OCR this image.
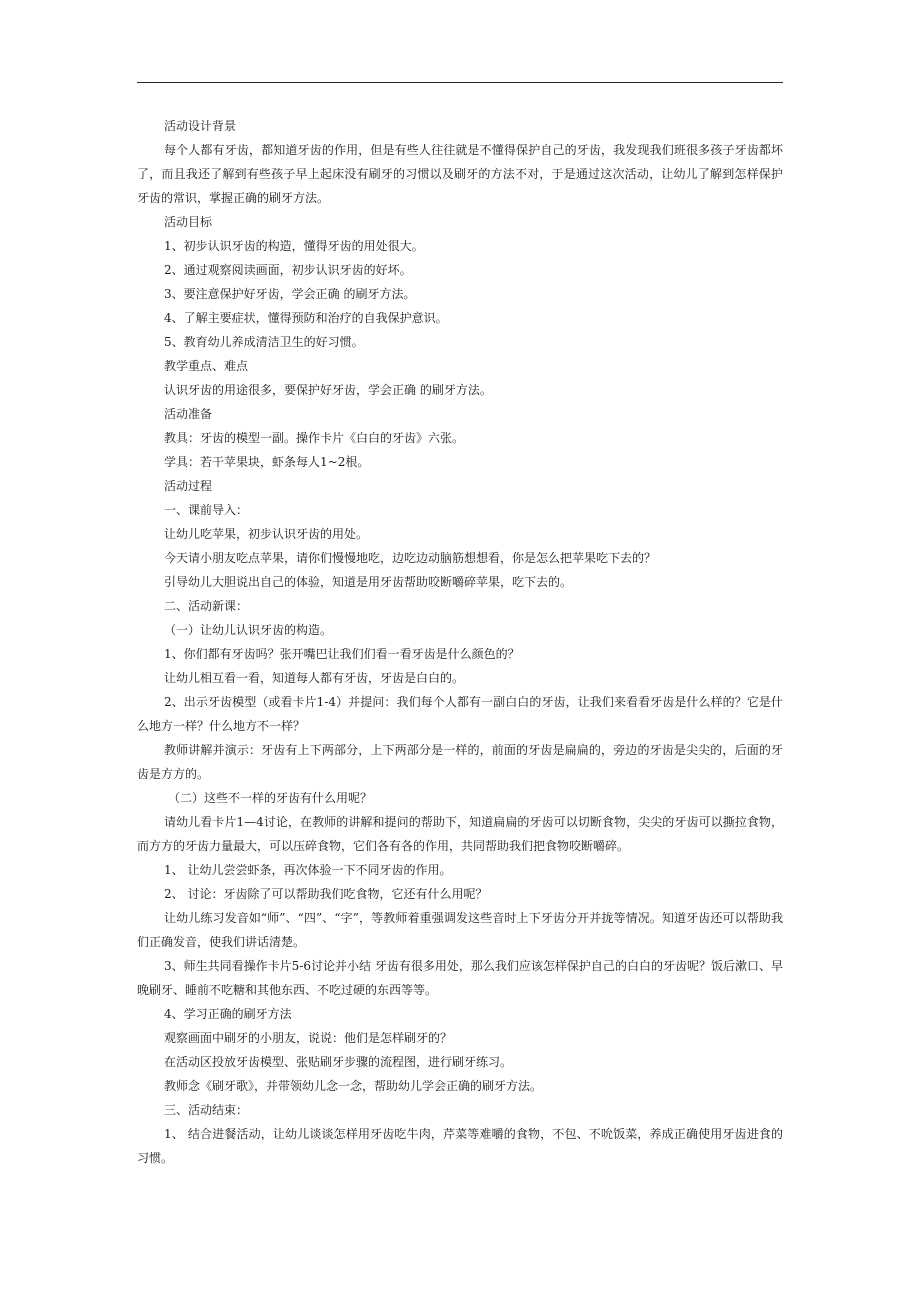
活动设计背景

每个人都有牙齿，都知道牙齿的作用，但是有些人往往就是不懂得保护自己的牙齿，我发现我们班很多孩子牙齿都坏了，而且我还了解到有些孩子早上起床没有刷牙的习惯以及刷牙的方法不对，于是通过这次活动，让幼儿了解到怎样保护牙齿的常识，掌握正确的刷牙方法。

活动目标

1、初步认识牙齿的构造，懂得牙齿的用处很大。

2、通过观察阅读画面，初步认识牙齿的好坏。

3、要注意保护好牙齿，学会正确 的刷牙方法。

4、了解主要症状，懂得预防和治疗的自我保护意识。

5、教育幼儿养成清洁卫生的好习惯。

教学重点、难点

认识牙齿的用途很多，要保护好牙齿，学会正确 的刷牙方法。

活动准备

教具：牙齿的模型一副。操作卡片《白白的牙齿》六张。

学具：若干苹果块，虾条每人1~2根。

活动过程

一、课前导入：

让幼儿吃苹果，初步认识牙齿的用处。

今天请小朋友吃点苹果，请你们慢慢地吃，边吃边动脑筋想想看，你是怎么把苹果吃下去的？

引导幼儿大胆说出自己的体验，知道是用牙齿帮助咬断嚼碎苹果，吃下去的。

二、活动新课：

（一）让幼儿认识牙齿的构造。

1、你们都有牙齿吗？张开嘴巴让我们们看一看牙齿是什么颜色的？

让幼儿相互看一看，知道每人都有牙齿，牙齿是白白的。

2、出示牙齿模型（或看卡片1-4）并提问：我们每个人都有一副白白的牙齿，让我们来看看牙齿是什么样的？它是什么地方一样？什么地方不一样？

教师讲解并演示：牙齿有上下两部分，上下两部分是一样的，前面的牙齿是扁扁的，旁边的牙齿是尖尖的，后面的牙齿是方方的。

（二）这些不一样的牙齿有什么用呢？

请幼儿看卡片1—4讨论，在教师的讲解和提问的帮助下，知道扁扁的牙齿可以切断食物，尖尖的牙齿可以撕拉食物，而方方的牙齿力量最大，可以压碎食物，它们各有各的作用，共同帮助我们把食物咬断嚼碎。

1、 让幼儿尝尝虾条，再次体验一下不同牙齿的作用。

2、 讨论：牙齿除了可以帮助我们吃食物，它还有什么用呢？

让幼儿练习发音如“师”、“四”、“字”，等教师着重强调发这些音时上下牙齿分开并拢等情况。知道牙齿还可以帮助我们正确发音，使我们讲话清楚。

3、师生共同看操作卡片5-6讨论并小结 牙齿有很多用处，那么我们应该怎样保护自己的白白的牙齿呢？饭后漱口、早晚刷牙、睡前不吃糖和其他东西、不吃过硬的东西等等。

4、学习正确的刷牙方法

观察画面中刷牙的小朋友，说说：他们是怎样刷牙的？

在活动区投放牙齿模型、张贴刷牙步骤的流程图，进行刷牙练习。

教师念《刷牙歌》，并带领幼儿念一念，帮助幼儿学会正确的刷牙方法。

三、活动结束：

1、 结合进餐活动，让幼儿谈谈怎样用牙齿吃牛肉，芹菜等难嚼的食物，不包、不吮饭菜，养成正确使用牙齿进食的习惯。
